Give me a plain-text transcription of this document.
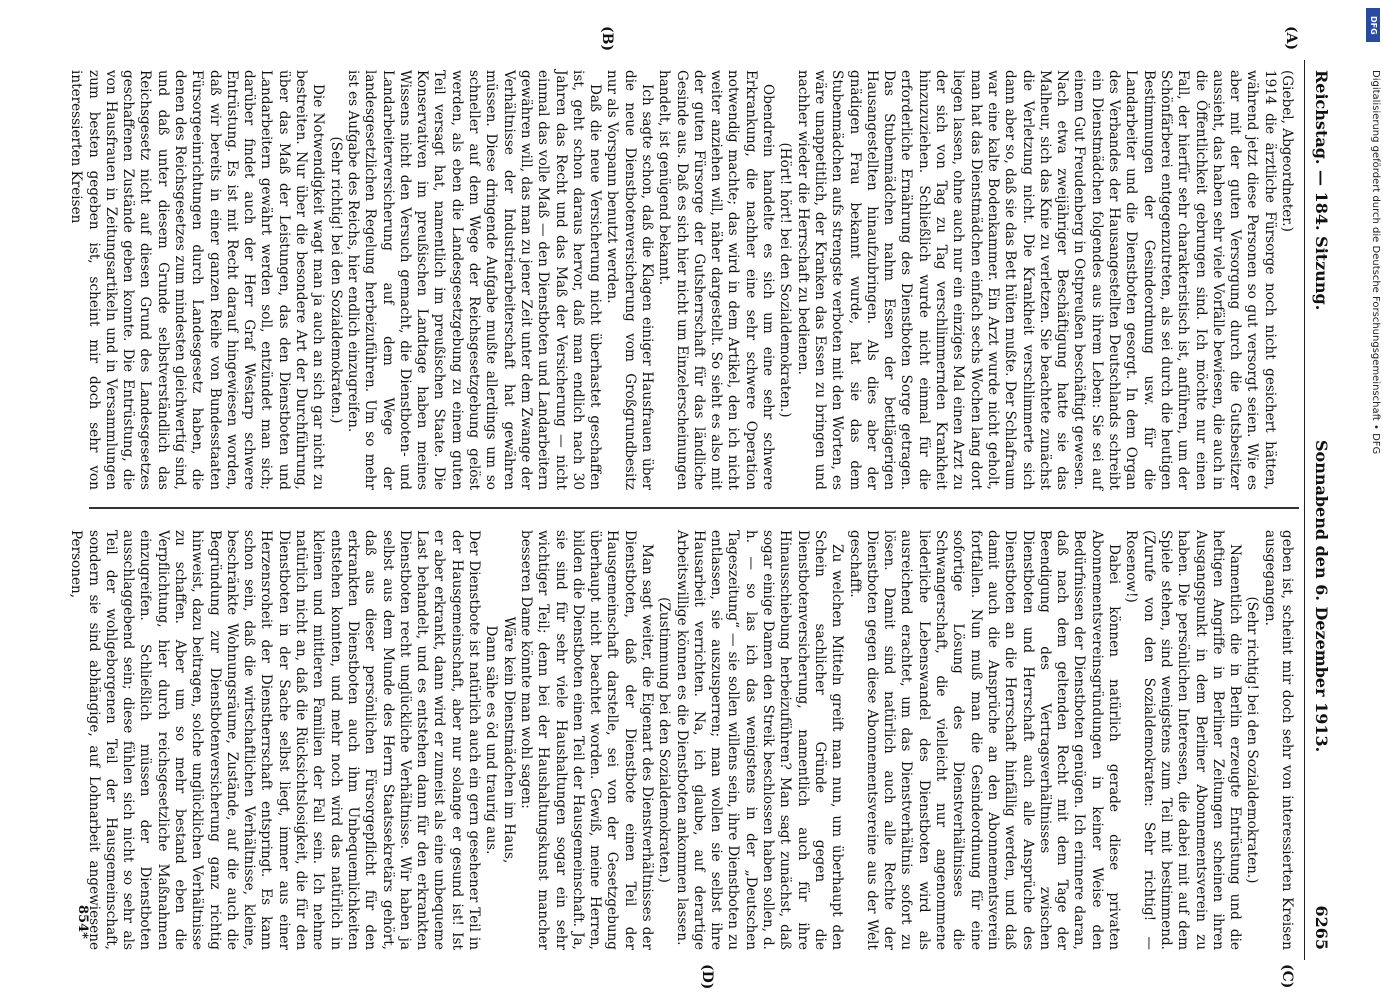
Reichstag. — 184. Sitzung.
Sonnabend den 6. Dezember 1913.
6265
(A)
(B)
(C)
(D)

(Giebel, Abgeordneter.)

1914 die ärztliche Fürsorge noch nicht gesichert hätten, während jetzt diese Personen so gut versorgt seien. Wie es aber mit der guten Versorgung durch die Gutsbesitzer aussieht, das haben sehr viele Vorfälle bewiesen, die auch in die Öffentlichkeit gebrungen sind. Ich möchte nur einen Fall, der hierfür sehr charakteristisch ist, anführen, um der Schönfärberei entgegenzutreten, als sei durch die heutigen Bestimmungen der Gesindeordnung usw. für die Landarbeiter und die Dienstboten gesorgt. In dem Organ des Verbandes der Hausangestellten Deutschlands schreibt ein Dienstmädchen folgendes aus ihrem Leben: Sie sei auf einem Gut Freudenberg in Ostpreußen beschäftigt gewesen. Nach etwa zweijähriger Beschäftigung hatte sie das Malheur, sich das Knie zu verletzen. Sie beachtete zunächst die Verletzung nicht. Die Krankheit verschlimmerte sich dann aber so, daß sie das Bett hüten mußte. Der Schlafraum war eine kalte Bodenkammer. Ein Arzt wurde nicht geholt, man hat das Dienstmädchen einfach sechs Wochen lang dort liegen lassen, ohne auch nur ein einziges Mal einen Arzt zu der sich von Tag zu Tag verschlimmernden Krankheit hinzuzuziehen. Schließlich wurde nicht einmal für die erforderliche Ernährung des Dienstboten Sorge getragen. Das Stubenmädchen nahm Essen der bettlägerigen Hausangestellten hinaufzubringen. Als dies aber der gnädigen Frau bekannt wurde, hat sie das dem Stubenmädchen aufs strengste verboten mit den Worten, es wäre unappetitlich, der Kranken das Essen zu bringen und nachher wieder die Herrschaft zu bedienen.

(Hört! hört! bei den Sozialdemokraten.)

Obendrein handelte es sich um eine sehr schwere Erkrankung, die nachher eine sehr schwere Operation notwendig machte; das wird in dem Artikel, den ich nicht weiter anziehen will, näher dargestellt. So sieht es also mit der guten Fürsorge der Gutsherrschaft für das ländliche Gesinde aus. Daß es sich hier nicht um Einzelerscheinungen handelt, ist genügend bekannt.

Ich sagte schon, daß die Klagen einiger Hausfrauen über die neue Dienstbotenversicherung vom Großgrundbesitz nur als Vorspann benutzt werden.

Daß die neue Versicherung nicht überhastet geschaffen ist, geht schon daraus hervor, daß man endlich nach 30 Jahren das Recht und das Maß der Versicherung — nicht einmal das volle Maß — den Dienstboten und Landarbeitern gewähren will, das man zu jener Zeit unter dem Zwange der Verhältnisse der Industriearbeiterschaft hat gewähren müssen. Diese dringende Aufgabe mußte allerdings um so schneller auf dem Wege der Reichsgesetzgebung gelöst werden, als eben die Landesgesetzgebung zu einem guten Teil versagt hat, namentlich im preußischen Staate. Die Konservativen im preußischen Landtage haben meines Wissens nicht den Versuch gemacht, die Dienstboten- und Landarbeiterversicherung auf dem Wege der landesgesetzlichen Regelung herbeizuführen. Um so mehr ist es Aufgabe des Reichs, hier endlich einzugreifen.

(Sehr richtig! bei den Sozialdemokraten.)

Die Notwendigkeit wagt man ja auch an sich gar nicht zu bestreiten. Nur über die besondere Art der Durchführung, über das Maß der Leistungen, das den Dienstboten und Landarbeitern gewährt werden soll, entzündet man sich; darüber findet auch der Herr Graf Westarp schwere Entrüstung. Es ist mit Recht darauf hingewiesen worden, daß wir bereits in einer ganzen Reihe von Bundesstaaten Fürsorgeeinrichtungen durch Landesgesetz haben, die denen des Reichsgesetzes zum mindesten gleichwertig sind, und daß unter diesem Grunde selbstverständlich das Reichsgesetz nicht auf diesen Grund des Landesgesetzes geschaffenen Zustände geben konnte. Die Entrüstung, die von Hausfrauen in Zeitungsartikeln und in Versammlungen zum besten gegeben ist, scheint mir doch sehr von interessierten Kreisen

geben ist, scheint mir doch sehr von interessierten Kreisen ausgegangen.

(Sehr richtig! bei den Sozialdemokraten.)

Namentlich die in Berlin erzeugte Entrüstung und die heftigen Angriffe in Berliner Zeitungen scheinen ihren Ausgangspunkt in dem Berliner Abonnementsverein zu haben. Die persönlichen Interessen, die dabei mit auf dem Spiele stehen, sind wenigstens zum Teil mit bestimmend. (Zurufe von den Sozialdemokraten: Sehr richtig! — Rosenow!)

Dabei können natürlich gerade diese privaten Abonnementsvereinsgründungen in keiner Weise den Bedürfnissen der Dienstboten genügen. Ich erinnere daran, daß nach dem geltenden Recht mit dem Tage der Beendigung des Vertragsverhältnisses zwischen Dienstboten und Herrschaft auch alle Ansprüche des Dienstboten an die Herrschaft hinfällig werden, und daß damit auch die Ansprüche an den Abonnementsverein fortfallen. Nun muß man die Gesindeordnung für eine sofortige Lösung des Dienstverhältnisses die Schwangerschaft, die vielleicht nur angenommene liederliche Lebenswandel des Dienstboten wird als ausreichend erachtet, um das Dienstverhältnis sofort zu lösen. Damit sind natürlich auch alle Rechte der Dienstboten gegen diese Abonnementsvereine aus der Welt geschafft.

Zu welchen Mitteln greift man nun, um überhaupt den Schein sachlicher Gründe gegen die Dienstbotenversicherung, namentlich auch für ihre Hinausschiebung herbeizuführen? Man sagt zunächst, daß sogar einige Damen den Streik beschlossen haben sollen, d. h. — so las ich das wenigstens in der „Deutschen Tageszeitung“ — sie sollen willens sein, ihre Dienstboten zu entlassen, sie auszusperren; man wollen sie selbst ihre Hausarbeit verrichten. Na, ich glaube, auf derartige Arbeitswillige können es die Dienstboten ankommen lassen.

(Zustimmung bei den Sozialdemokraten.)

Man sagt weiter, die Eigenart des Dienstverhältnisses der Dienstboten, daß der Dienstbote einen Teil der Hausgemeinschaft darstelle, sei von der Gesetzgebung überhaupt nicht beachtet worden. Gewiß, meine Herren, bilden die Dienstboten einen Teil der Hausgemeinschaft. Ja, sie sind für sehr viele Haushaltungen sogar ein sehr wichtiger Teil; denn bei der Haushaltungskunst mancher besseren Dame könnte man wohl sagen:

Wäre kein Dienstmädchen im Haus,

Dann sähe es öd und traurig aus.

Der Dienstbote ist natürlich auch ein gern gesehener Teil in der Hausgemeinschaft, aber nur solange er gesund ist! Ist er aber erkrankt, dann wird er zumeist als eine unbequeme Last behandelt, und es entstehen dann für den erkrankten Dienstboten recht unglückliche Verhältnisse. Wir haben ja selbst aus dem Munde des Herrn Staatssekretärs gehört, daß aus dieser persönlichen Fürsorgepflicht für den erkrankten Dienstboten auch ihm Unbequemlichkeiten entstehen konnten, und mehr noch wird das natürlich in kleinen und mittleren Familien der Fall sein. Ich nehme natürlich nicht an, daß die Rücksichtslosigkeit, die für den Dienstboten in der Sache selbst liegt, immer aus einer Herzensroheit der Dienstherrschaft entspringt. Es kann schon sein, daß die wirtschaftlichen Verhältnisse, kleine, beschränkte Wohnungsräume, Zustände, auf die auch die Begründung zur Dienstbotenversicherung ganz richtig hinweist, dazu beitragen, solche unglücklichen Verhältnisse zu schaffen. Aber um so mehr bestand eben die Verpflichtung, hier durch reichsgesetzliche Maßnahmen einzugreifen. Schließlich müssen der Dienstboten ausschlaggebend sein; diese fühlen sich nicht so sehr als Teil der wohlgeborgenen Teil der Hausgemeinschaft, sondern sie sind abhängige, auf Lohnarbeit angewiesene Personen,

854*
DFG
Digitalisierung gefördert durch die Deutsche Forschungsgemeinschaft • DFG
